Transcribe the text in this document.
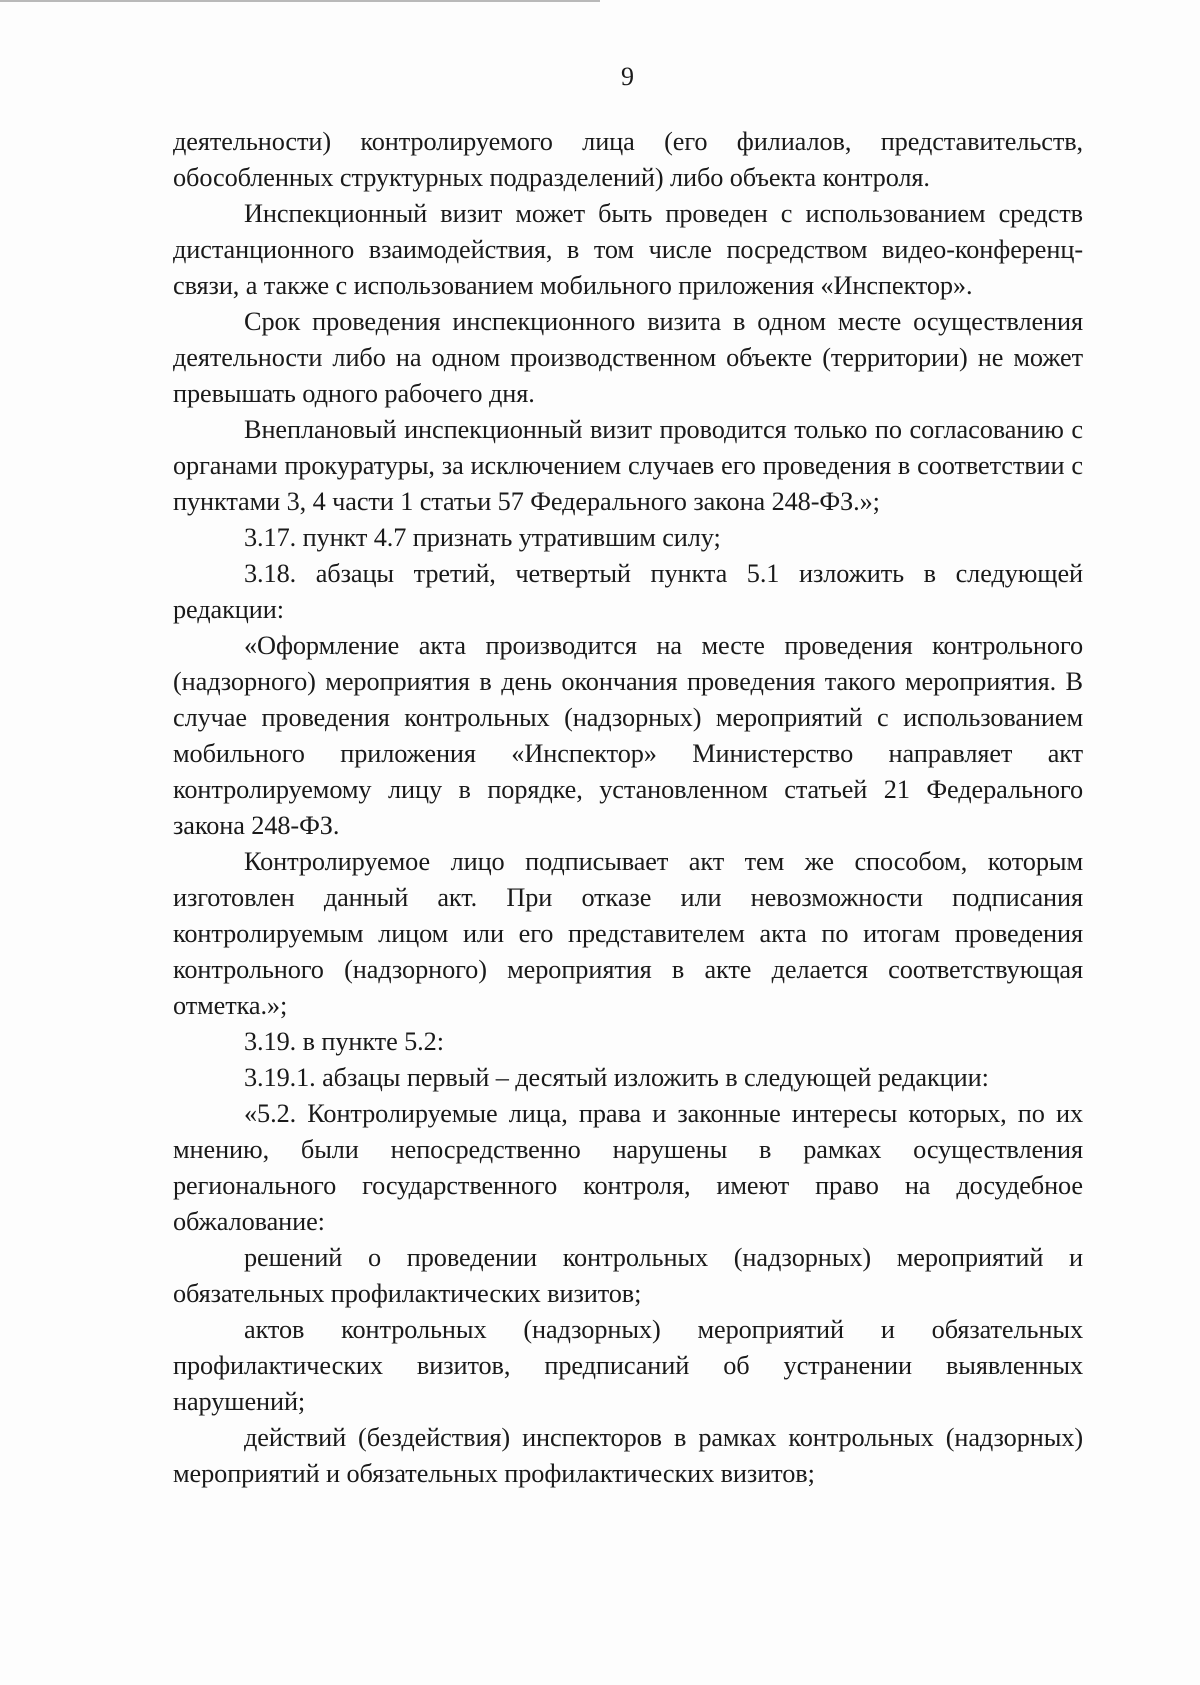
9

деятельности) контролируемого лица (его филиалов, представительств, обособленных структурных подразделений) либо объекта контроля.

Инспекционный визит может быть проведен с использованием средств дистанционного взаимодействия, в том числе посредством видео-конференц-связи, а также с использованием мобильного приложения «Инспектор».

Срок проведения инспекционного визита в одном месте осуществления деятельности либо на одном производственном объекте (территории) не может превышать одного рабочего дня.

Внеплановый инспекционный визит проводится только по согласованию с органами прокуратуры, за исключением случаев его проведения в соответствии с пунктами 3, 4 части 1 статьи 57 Федерального закона 248-ФЗ.»;

3.17. пункт 4.7 признать утратившим силу;

3.18. абзацы третий, четвертый пункта 5.1 изложить в следующей редакции:

«Оформление акта производится на месте проведения контрольного (надзорного) мероприятия в день окончания проведения такого мероприятия. В случае проведения контрольных (надзорных) мероприятий с использованием мобильного приложения «Инспектор» Министерство направляет акт контролируемому лицу в порядке, установленном статьей 21 Федерального закона 248-ФЗ.

Контролируемое лицо подписывает акт тем же способом, которым изготовлен данный акт. При отказе или невозможности подписания контролируемым лицом или его представителем акта по итогам проведения контрольного (надзорного) мероприятия в акте делается соответствующая отметка.»;

3.19. в пункте 5.2:

3.19.1. абзацы первый – десятый изложить в следующей редакции:

«5.2. Контролируемые лица, права и законные интересы которых, по их мнению, были непосредственно нарушены в рамках осуществления регионального государственного контроля, имеют право на досудебное обжалование:

решений о проведении контрольных (надзорных) мероприятий и обязательных профилактических визитов;

актов контрольных (надзорных) мероприятий и обязательных профилактических визитов, предписаний об устранении выявленных нарушений;

действий (бездействия) инспекторов в рамках контрольных (надзорных) мероприятий и обязательных профилактических визитов;
